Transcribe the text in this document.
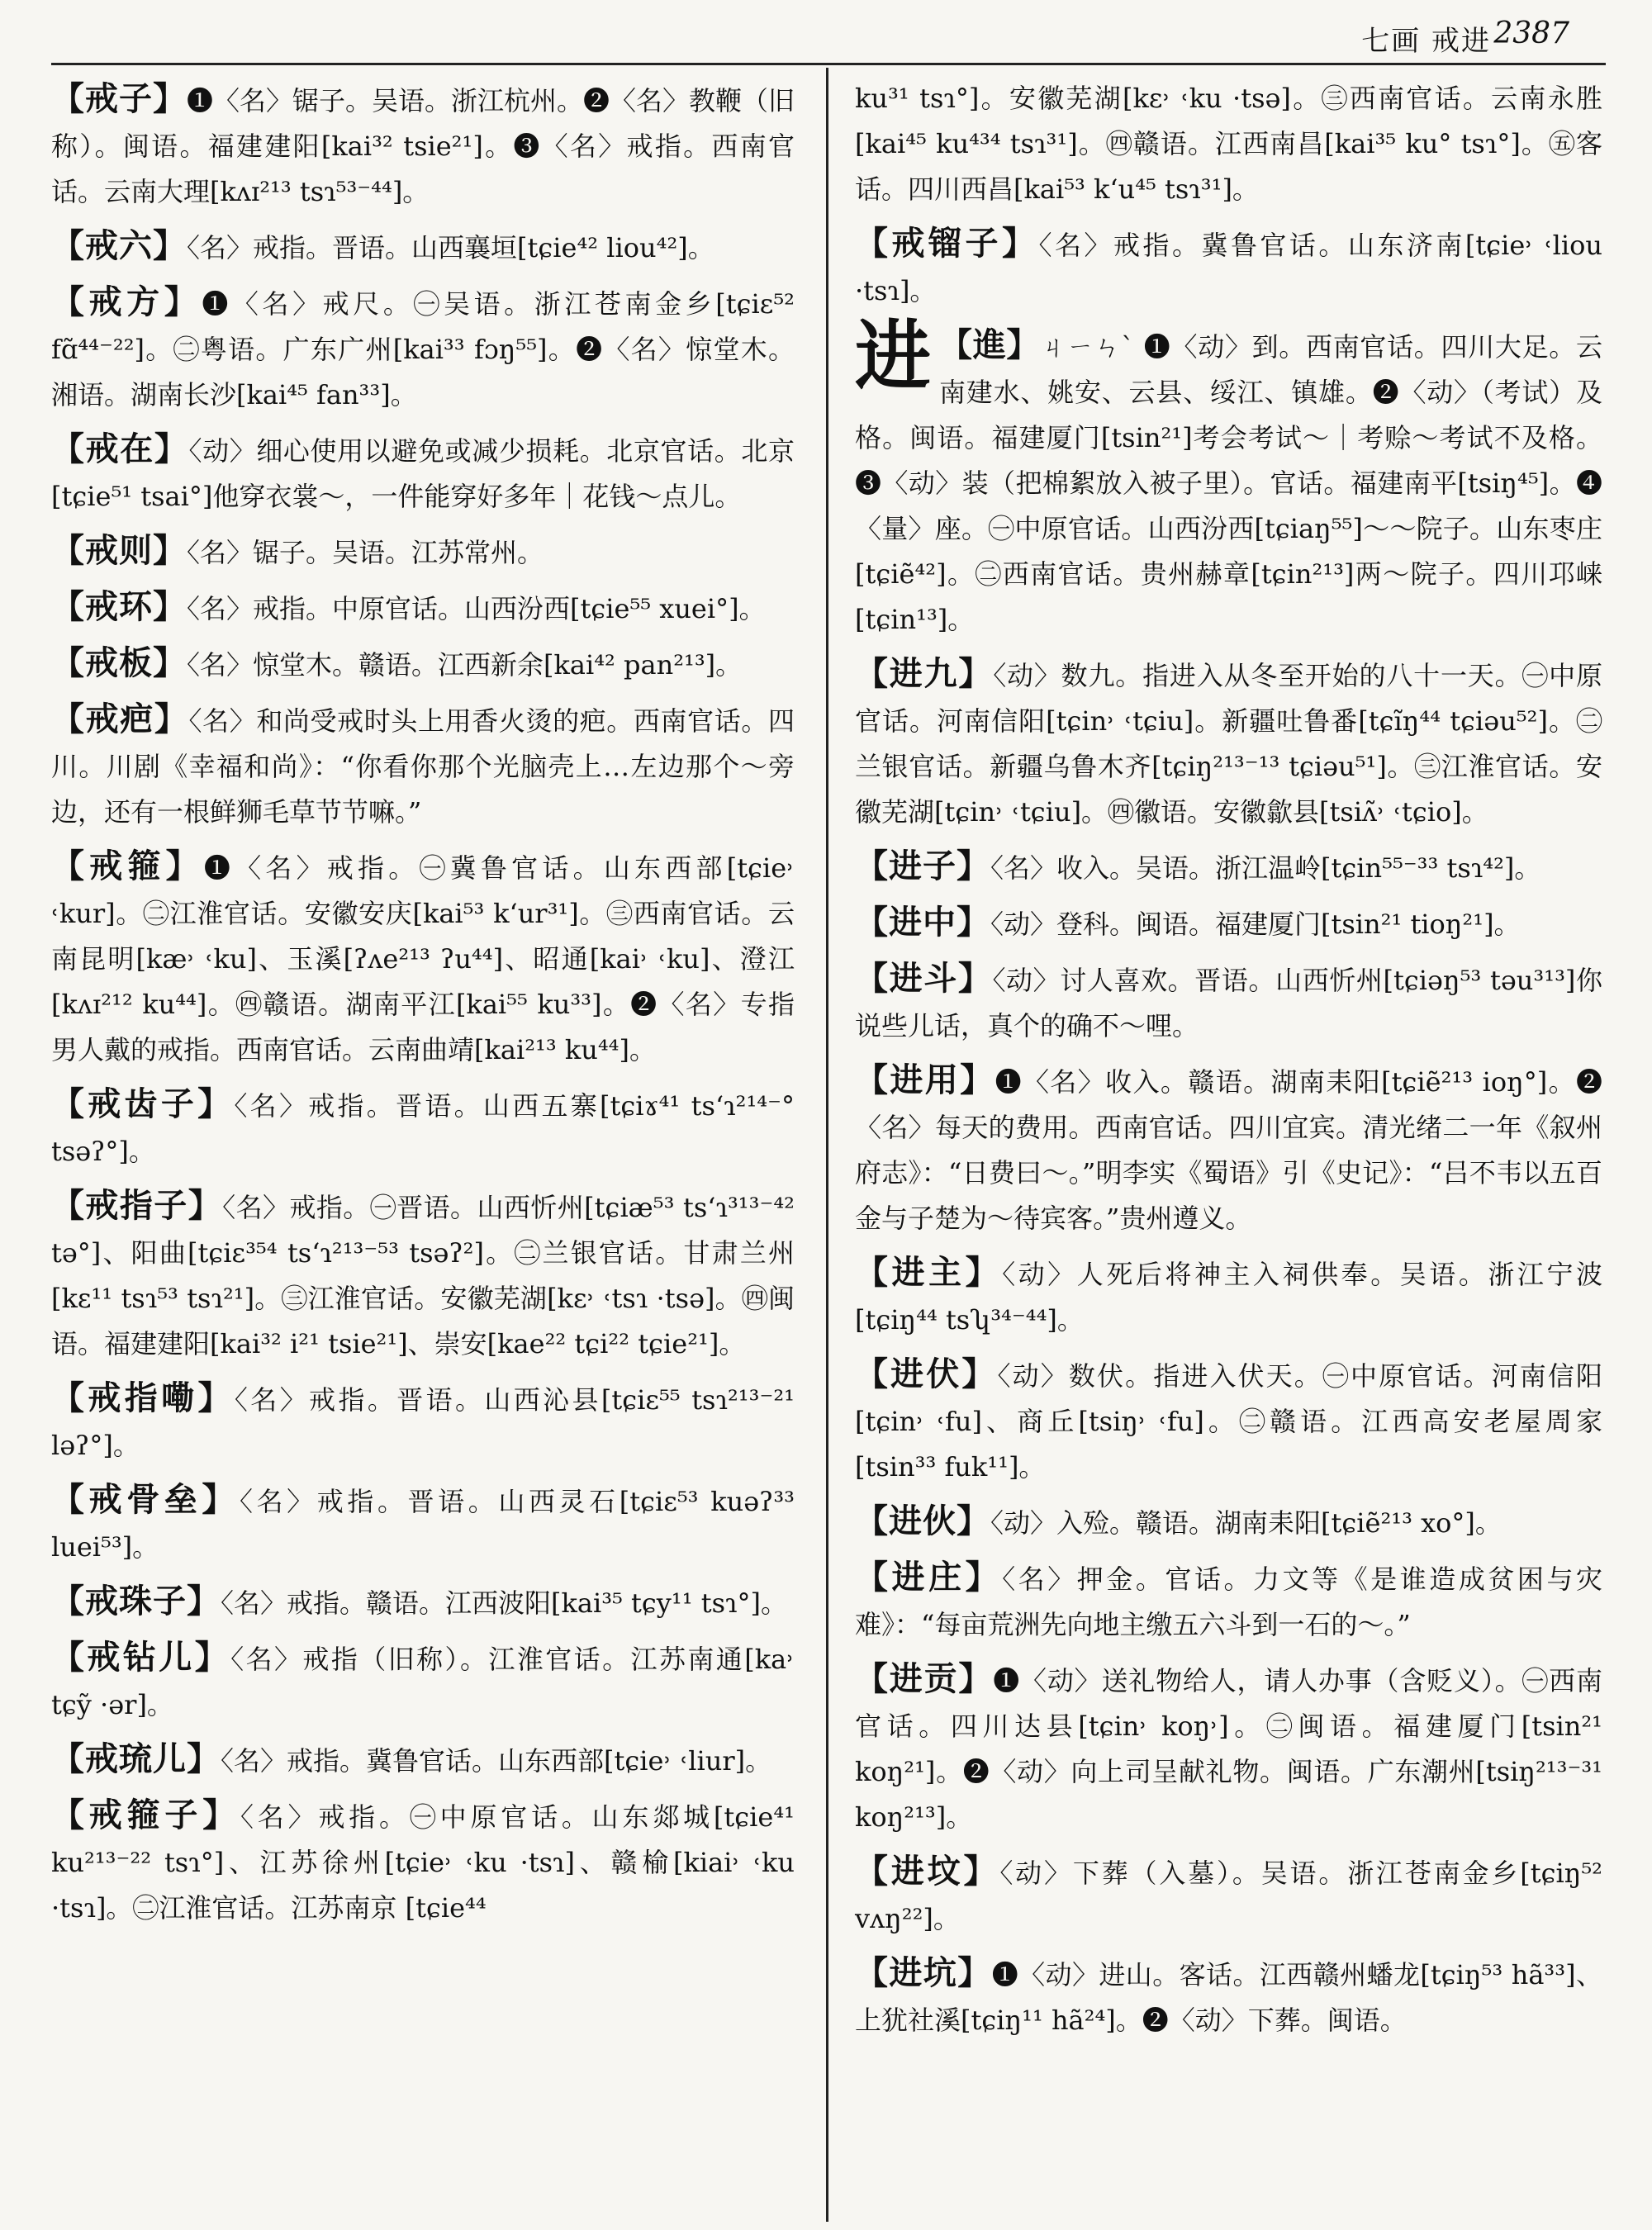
七画 戒进 2387

【戒子】❶〈名〉锯子。吴语。浙江杭州。❷〈名〉教鞭（旧称）。闽语。福建建阳[kai³² tsie²¹]。❸〈名〉戒指。西南官话。云南大理[kʌɪ²¹³ tsɿ⁵³⁻⁴⁴]。

【戒六】〈名〉戒指。晋语。山西襄垣[tɕie⁴² liou⁴²]。

【戒方】❶〈名〉戒尺。㊀吴语。浙江苍南金乡[tɕiɛ⁵² fɑ̃⁴⁴⁻²²]。㊁粤语。广东广州[kai³³ fɔŋ⁵⁵]。❷〈名〉惊堂木。湘语。湖南长沙[kai⁴⁵ fan³³]。

【戒在】〈动〉细心使用以避免或减少损耗。北京官话。北京[tɕie⁵¹ tsai°]他穿衣裳～，一件能穿好多年｜花钱～点儿。

【戒则】〈名〉锯子。吴语。江苏常州。

【戒环】〈名〉戒指。中原官话。山西汾西[tɕie⁵⁵ xuei°]。

【戒板】〈名〉惊堂木。赣语。江西新余[kai⁴² pan²¹³]。

【戒疤】〈名〉和尚受戒时头上用香火烫的疤。西南官话。四川。川剧《幸福和尚》：“你看你那个光脑壳上…左边那个～旁边，还有一根鲜狮毛草节节嘛。”

【戒箍】❶〈名〉戒指。㊀冀鲁官话。山东西部[tɕie˒ ˓kur]。㊁江淮官话。安徽安庆[kai⁵³ kʻur³¹]。㊂西南官话。云南昆明[kæ˒ ˓ku]、玉溪[ʔʌe²¹³ ʔu⁴⁴]、昭通[kai˒ ˓ku]、澄江[kʌɪ²¹² ku⁴⁴]。㊃赣语。湖南平江[kai⁵⁵ ku³³]。❷〈名〉专指男人戴的戒指。西南官话。云南曲靖[kai²¹³ ku⁴⁴]。

【戒齿子】〈名〉戒指。晋语。山西五寨[tɕiɤ⁴¹ tsʻɿ²¹⁴⁻° tsəʔ°]。

【戒指子】〈名〉戒指。㊀晋语。山西忻州[tɕiæ⁵³ tsʻɿ³¹³⁻⁴² tə°]、阳曲[tɕiɛ³⁵⁴ tsʻɿ²¹³⁻⁵³ tsəʔ²]。㊁兰银官话。甘肃兰州[kɛ¹¹ tsɿ⁵³ tsɿ²¹]。㊂江淮官话。安徽芜湖[kɛ˒ ˓tsɿ ·tsə]。㊃闽语。福建建阳[kai³² i²¹ tsie²¹]、崇安[kae²² tɕi²² tɕie²¹]。

【戒指嘞】〈名〉戒指。晋语。山西沁县[tɕiɛ⁵⁵ tsɿ²¹³⁻²¹ ləʔ°]。

【戒骨垒】〈名〉戒指。晋语。山西灵石[tɕiɛ⁵³ kuəʔ³³ luei⁵³]。

【戒珠子】〈名〉戒指。赣语。江西波阳[kai³⁵ tɕy¹¹ tsɿ°]。

【戒钻儿】〈名〉戒指（旧称）。江淮官话。江苏南通[ka˒ tɕỹ ·ər]。

【戒琉儿】〈名〉戒指。冀鲁官话。山东西部[tɕie˒ ˓liur]。

【戒箍子】〈名〉戒指。㊀中原官话。山东郯城[tɕie⁴¹ ku²¹³⁻²² tsɿ°]、江苏徐州[tɕie˒ ˓ku ·tsɿ]、赣榆[kiai˒ ˓ku ·tsɿ]。㊁江淮官话。江苏南京 [tɕie⁴⁴

ku³¹ tsɿ°]。安徽芜湖[kɛ˒ ˓ku ·tsə]。㊂西南官话。云南永胜[kai⁴⁵ ku⁴³⁴ tsɿ³¹]。㊃赣语。江西南昌[kai³⁵ ku° tsɿ°]。㊄客话。四川西昌[kai⁵³ kʻu⁴⁵ tsɿ³¹]。

【戒镏子】〈名〉戒指。冀鲁官话。山东济南[tɕie˒ ˓liou ·tsɿ]。

进 【進】ㄐㄧㄣˋ ❶〈动〉到。西南官话。四川大足。云南建水、姚安、云县、绥江、镇雄。❷〈动〉（考试）及格。闽语。福建厦门[tsin²¹]考会考试～｜考赊～考试不及格。❸〈动〉装（把棉絮放入被子里）。官话。福建南平[tsiŋ⁴⁵]。❹〈量〉座。㊀中原官话。山西汾西[tɕiaŋ⁵⁵]～～院子。山东枣庄[tɕiẽ⁴²]。㊁西南官话。贵州赫章[tɕin²¹³]两～院子。四川邛崃[tɕin¹³]。

【进九】〈动〉数九。指进入从冬至开始的八十一天。㊀中原官话。河南信阳[tɕin˒ ˓tɕiu]。新疆吐鲁番[tɕĩŋ⁴⁴ tɕiəu⁵²]。㊁兰银官话。新疆乌鲁木齐[tɕiŋ²¹³⁻¹³ tɕiəu⁵¹]。㊂江淮官话。安徽芜湖[tɕin˒ ˓tɕiu]。㊃徽语。安徽歙县[tsiʌ̃˒ ˓tɕio]。

【进子】〈名〉收入。吴语。浙江温岭[tɕin⁵⁵⁻³³ tsɿ⁴²]。

【进中】〈动〉登科。闽语。福建厦门[tsin²¹ tioŋ²¹]。

【进斗】〈动〉讨人喜欢。晋语。山西忻州[tɕiəŋ⁵³ təu³¹³]你说些儿话，真个的确不～哩。

【进用】❶〈名〉收入。赣语。湖南耒阳[tɕiẽ²¹³ ioŋ°]。❷〈名〉每天的费用。西南官话。四川宜宾。清光绪二一年《叙州府志》：“日费曰～。”明李实《蜀语》引《史记》：“吕不韦以五百金与子楚为～待宾客。”贵州遵义。

【进主】〈动〉人死后将神主入祠供奉。吴语。浙江宁波[tɕiŋ⁴⁴ tsʮ³⁴⁻⁴⁴]。

【进伏】〈动〉数伏。指进入伏天。㊀中原官话。河南信阳[tɕin˒ ˓fu]、商丘[tsiŋ˒ ˓fu]。㊁赣语。江西高安老屋周家[tsin³³ fuk¹¹]。

【进伙】〈动〉入殓。赣语。湖南耒阳[tɕiẽ²¹³ xo°]。

【进庄】〈名〉押金。官话。力文等《是谁造成贫困与灾难》：“每亩荒洲先向地主缴五六斗到一石的～。”

【进贡】❶〈动〉送礼物给人，请人办事（含贬义）。㊀西南官话。四川达县[tɕin˒ koŋ˒]。㊁闽语。福建厦门[tsin²¹ koŋ²¹]。❷〈动〉向上司呈献礼物。闽语。广东潮州[tsiŋ²¹³⁻³¹ koŋ²¹³]。

【进坟】〈动〉下葬（入墓）。吴语。浙江苍南金乡[tɕiŋ⁵² vʌŋ²²]。

【进坑】❶〈动〉进山。客话。江西赣州蟠龙[tɕiŋ⁵³ hã³³]、上犹社溪[tɕiŋ¹¹ hã²⁴]。❷〈动〉下葬。闽语。
